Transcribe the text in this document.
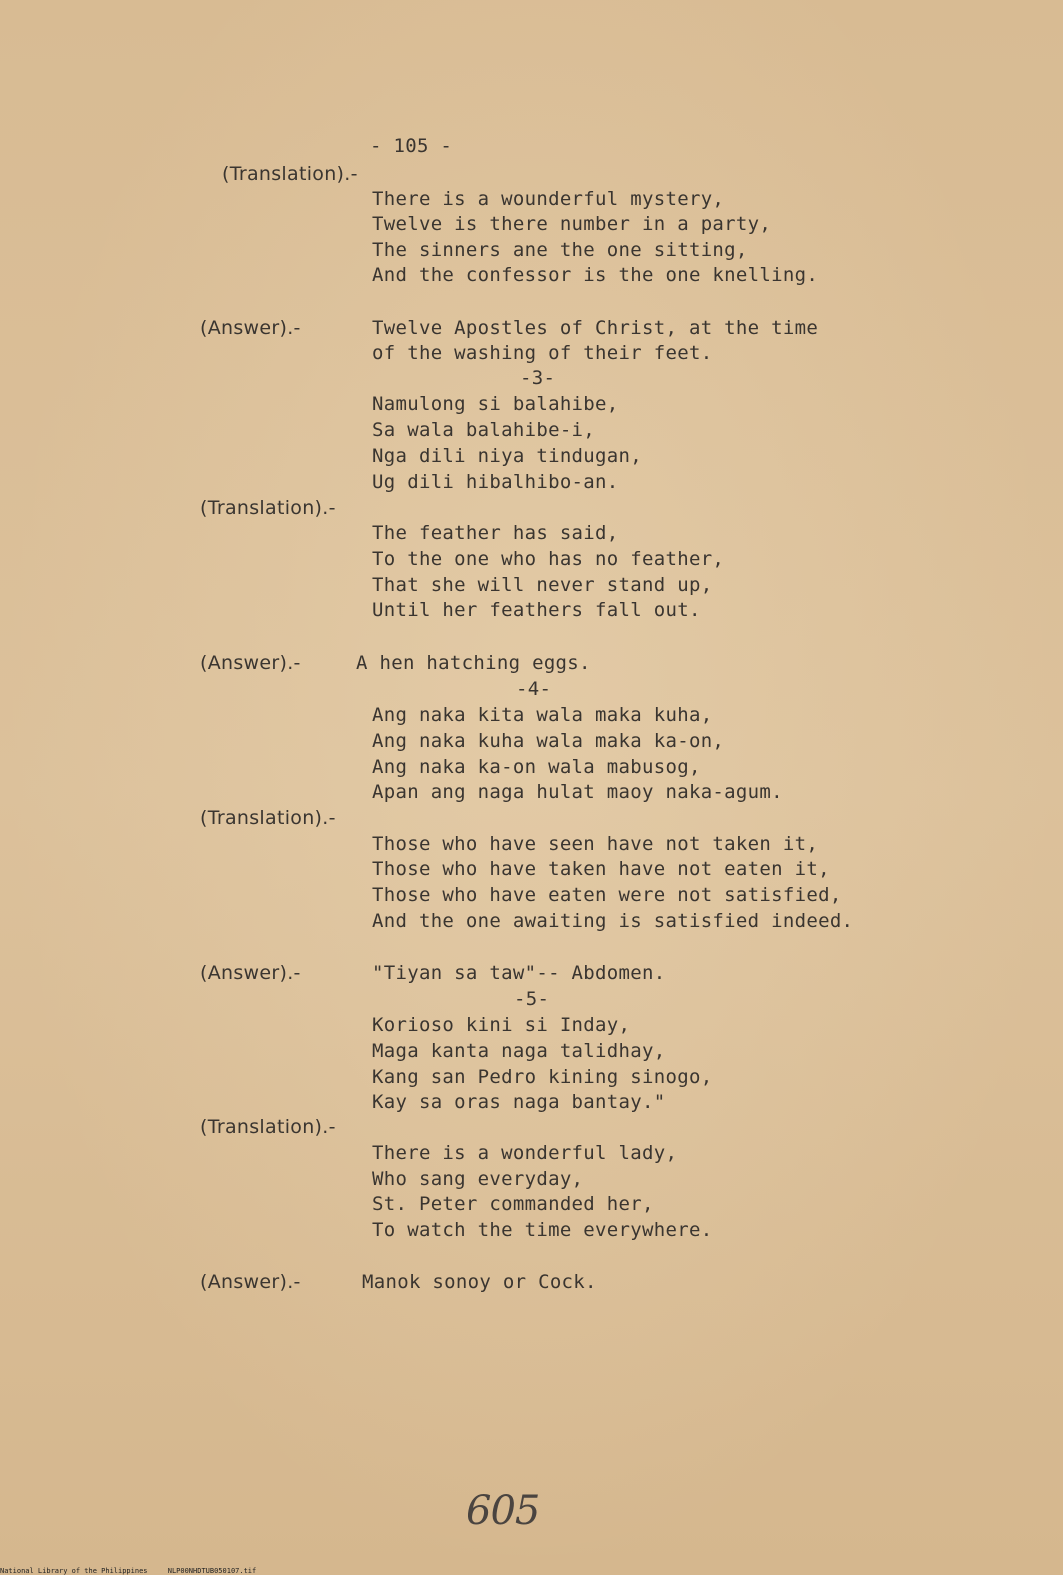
- 105 -
(Translation).-
There is a wounderful mystery,
Twelve is there number in a party,
The sinners ane the one sitting,
And the confessor is the one knelling.
(Answer).-	Twelve Apostles of Christ, at the time
of the washing of their feet.
-3-
Namulong si balahibe,
Sa wala balahibe-i,
Nga dili niya tindugan,
Ug dili hibalhibo-an.
(Translation).-
The feather has said,
To the one who has no feather,
That she will never stand up,
Until her feathers fall out.
(Answer).-	A hen hatching eggs.
-4-
Ang naka kita wala maka kuha,
Ang naka kuha wala maka ka-on,
Ang naka ka-on wala mabusog,
Apan ang naga hulat maoy naka-agum.
(Translation).-
Those who have seen have not taken it,
Those who have taken have not eaten it,
Those who have eaten were not satisfied,
And the one awaiting is satisfied indeed.
(Answer).-	"Tiyan sa taw"-- Abdomen.
-5-
Korioso kini si Inday,
Maga kanta naga talidhay,
Kang san Pedro kining sinogo,
Kay sa oras naga bantay."
(Translation).-
There is a wonderful lady,
Who sang everyday,
St. Peter commanded her,
To watch the time everywhere.
(Answer).-	Manok sonoy or Cock.
605
National Library of the Philippines	NLP00NHDTUB050107.tif
